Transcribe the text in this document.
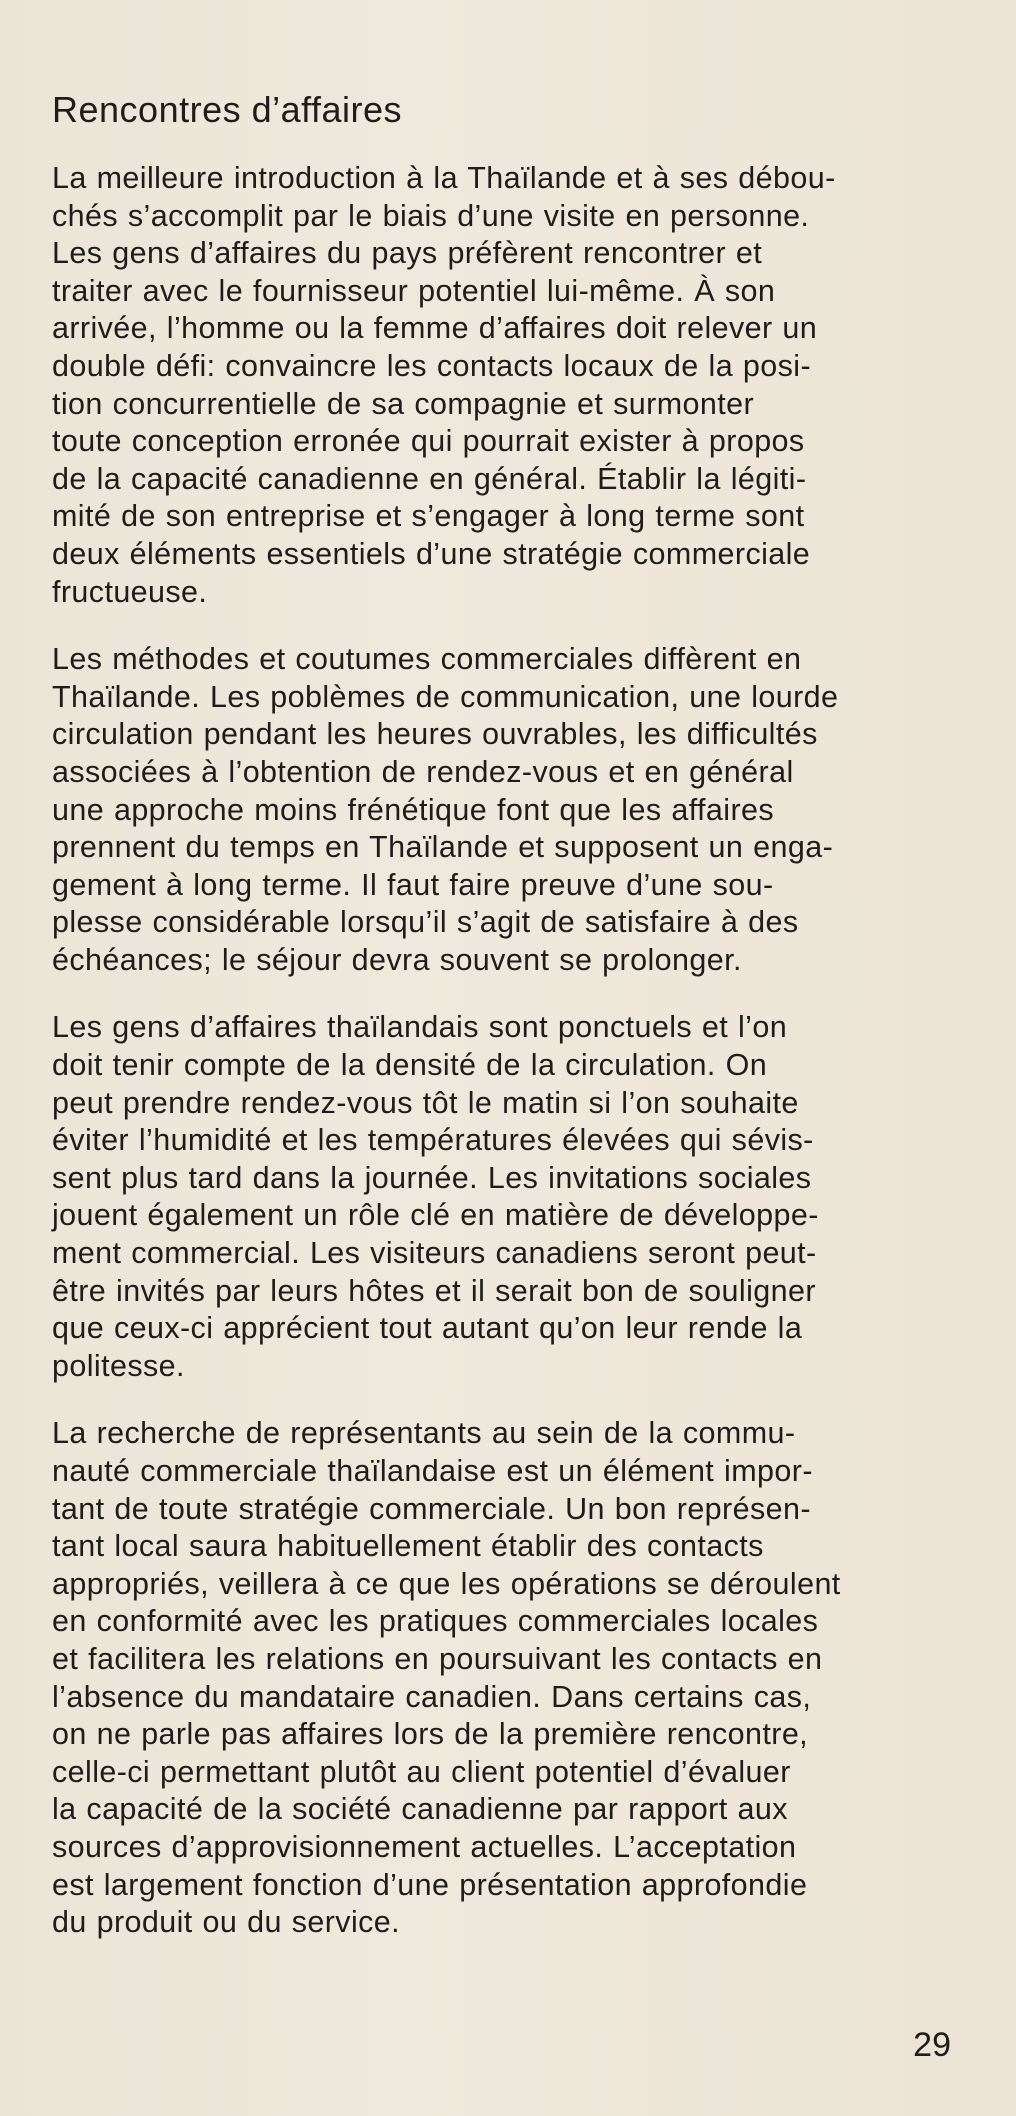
Rencontres d’affaires
La meilleure introduction à la Thaïlande et à ses débou-
chés s’accomplit par le biais d’une visite en personne.
Les gens d’affaires du pays préfèrent rencontrer et
traiter avec le fournisseur potentiel lui-même. À son
arrivée, l’homme ou la femme d’affaires doit relever un
double défi: convaincre les contacts locaux de la posi-
tion concurrentielle de sa compagnie et surmonter
toute conception erronée qui pourrait exister à propos
de la capacité canadienne en général. Établir la légiti-
mité de son entreprise et s’engager à long terme sont
deux éléments essentiels d’une stratégie commerciale
fructueuse.
Les méthodes et coutumes commerciales diffèrent en
Thaïlande. Les poblèmes de communication, une lourde
circulation pendant les heures ouvrables, les difficultés
associées à l’obtention de rendez-vous et en général
une approche moins frénétique font que les affaires
prennent du temps en Thaïlande et supposent un enga-
gement à long terme. Il faut faire preuve d’une sou-
plesse considérable lorsqu’il s’agit de satisfaire à des
échéances; le séjour devra souvent se prolonger.
Les gens d’affaires thaïlandais sont ponctuels et l’on
doit tenir compte de la densité de la circulation. On
peut prendre rendez-vous tôt le matin si l’on souhaite
éviter l’humidité et les températures élevées qui sévis-
sent plus tard dans la journée. Les invitations sociales
jouent également un rôle clé en matière de développe-
ment commercial. Les visiteurs canadiens seront peut-
être invités par leurs hôtes et il serait bon de souligner
que ceux-ci apprécient tout autant qu’on leur rende la
politesse.
La recherche de représentants au sein de la commu-
nauté commerciale thaïlandaise est un élément impor-
tant de toute stratégie commerciale. Un bon représen-
tant local saura habituellement établir des contacts
appropriés, veillera à ce que les opérations se déroulent
en conformité avec les pratiques commerciales locales
et facilitera les relations en poursuivant les contacts en
l’absence du mandataire canadien. Dans certains cas,
on ne parle pas affaires lors de la première rencontre,
celle-ci permettant plutôt au client potentiel d’évaluer
la capacité de la société canadienne par rapport aux
sources d’approvisionnement actuelles. L’acceptation
est largement fonction d’une présentation approfondie
du produit ou du service.
29
